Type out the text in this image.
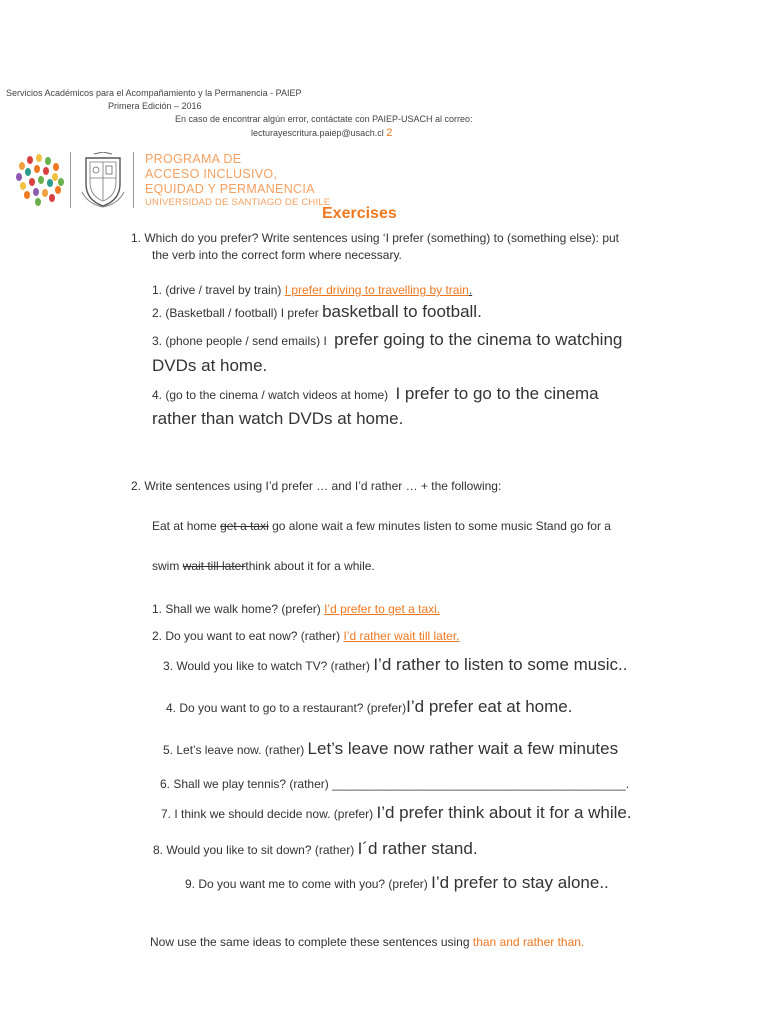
Servicios Académicos para el Acompañamiento y la Permanencia - PAIEP
Primera Edición – 2016
En caso de encontrar algún error, contáctate con PAIEP-USACH al correo:
lecturayescritura.paiep@usach.cl 2
PROGRAMA DE
ACCESO INCLUSIVO,
EQUIDAD Y PERMANENCIA
UNIVERSIDAD DE SANTIAGO DE CHILE
Exercises
1. Which do you prefer? Write sentences using ‘I prefer (something) to (something else): put
the verb into the correct form where necessary.
1. (drive / travel by train) I prefer driving to travelling by train.
2. (Basketball / football) I prefer basketball to football.
3. (phone people / send emails) I prefer going to the cinema to watching
DVDs at home.
4. (go to the cinema / watch videos at home) I prefer to go to the cinema
rather than watch DVDs at home.
2. Write sentences using I’d prefer … and I’d rather … + the following:
Eat at home get a taxi go alone wait a few minutes listen to some music Stand go for a
swim wait till laterthink about it for a while.
1. Shall we walk home? (prefer) I’d prefer to get a taxi.
2. Do you want to eat now? (rather) I’d rather wait till later.
3. Would you like to watch TV? (rather) I’d rather to listen to some music..
4. Do you want to go to a restaurant? (prefer)I’d prefer eat at home.
5. Let’s leave now. (rather) Let’s leave now rather wait a few minutes
6. Shall we play tennis? (rather) ____________________________________________.
7. I think we should decide now. (prefer) I’d prefer think about it for a while.
8. Would you like to sit down? (rather) I´d rather stand.
9. Do you want me to come with you? (prefer) I’d prefer to stay alone..
Now use the same ideas to complete these sentences using than and rather than.
